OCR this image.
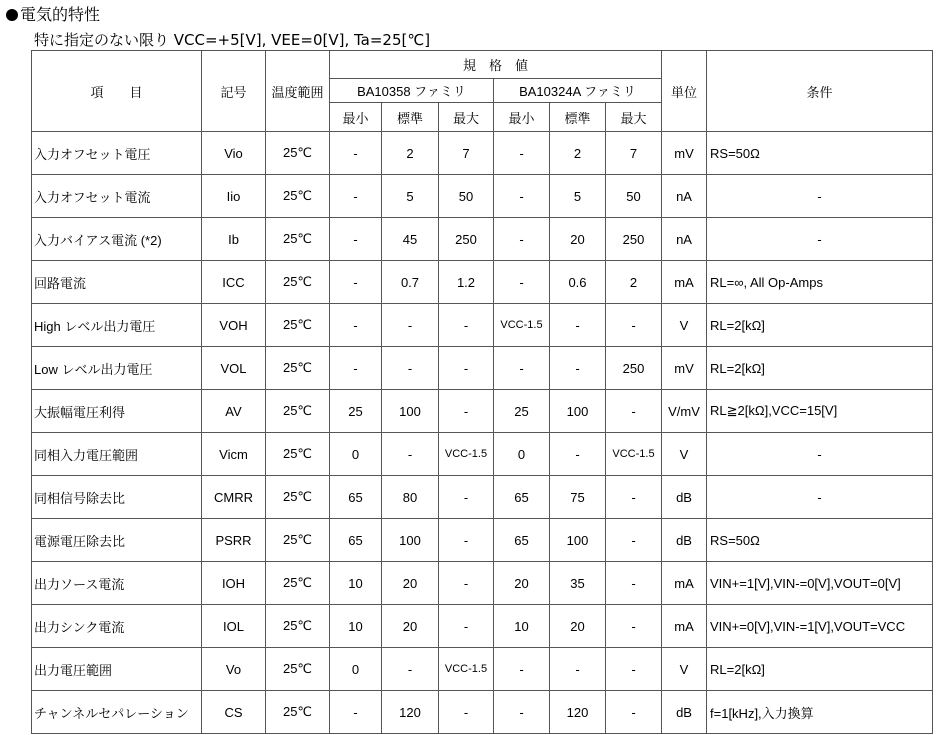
電気的特性
特に指定のない限り VCC=+5[V], VEE=0[V], Ta=25[℃]
項　　目	記号	温度範囲	規　格　値						単位	条件
			BA10358 ファミリ			BA10324A ファミリ				
			最小	標準	最大	最小	標準	最大		
入力オフセット電圧	Vio	25℃	-	2	7	-	2	7	mV	RS=50Ω
入力オフセット電流	Iio	25℃	-	5	50	-	5	50	nA	-
入力バイアス電流 (*2)	Ib	25℃	-	45	250	-	20	250	nA	-
回路電流	ICC	25℃	-	0.7	1.2	-	0.6	2	mA	RL=∞, All Op-Amps
High レベル出力電圧	VOH	25℃	-	-	-	VCC-1.5	-	-	V	RL=2[kΩ]
Low レベル出力電圧	VOL	25℃	-	-	-	-	-	250	mV	RL=2[kΩ]
大振幅電圧利得	AV	25℃	25	100	-	25	100	-	V/mV	RL≧2[kΩ],VCC=15[V]
同相入力電圧範囲	Vicm	25℃	0	-	VCC-1.5	0	-	VCC-1.5	V	-
同相信号除去比	CMRR	25℃	65	80	-	65	75	-	dB	-
電源電圧除去比	PSRR	25℃	65	100	-	65	100	-	dB	RS=50Ω
出力ソース電流	IOH	25℃	10	20	-	20	35	-	mA	VIN+=1[V],VIN-=0[V],VOUT=0[V]
出力シンク電流	IOL	25℃	10	20	-	10	20	-	mA	VIN+=0[V],VIN-=1[V],VOUT=VCC
出力電圧範囲	Vo	25℃	0	-	VCC-1.5	-	-	-	V	RL=2[kΩ]
チャンネルセパレーション	CS	25℃	-	120	-	-	120	-	dB	f=1[kHz],入力換算
